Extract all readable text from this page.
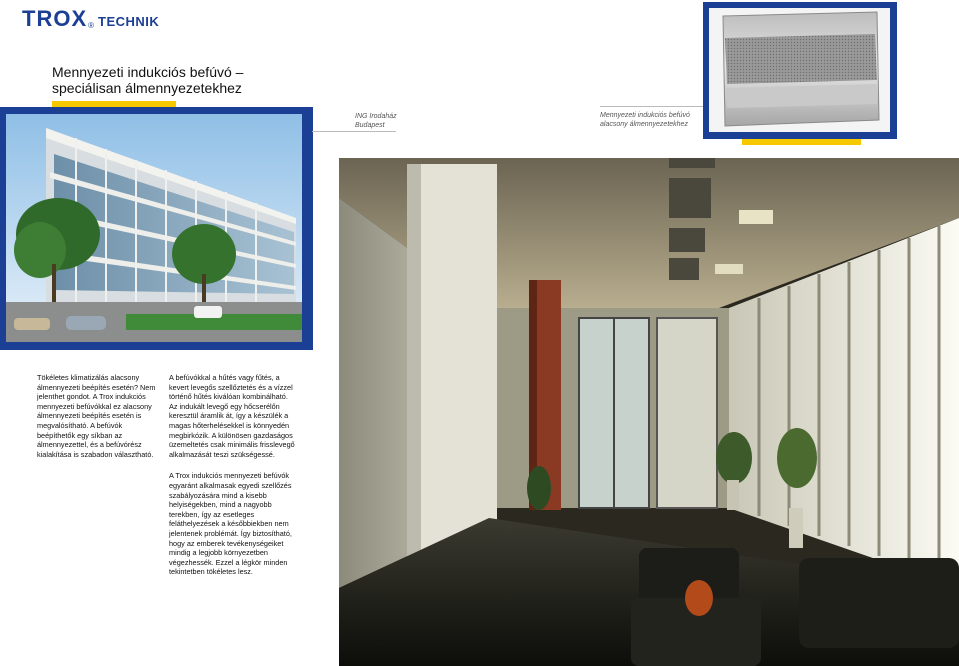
TROX ® TECHNIK
Mennyezeti indukciós befúvó –
speciálisan álmennyezetekhez
ING Irodaház
Budapest
Mennyezeti indukciós befúvó
alacsony álmennyezetekhez

Tökéletes klimatizálás alacsony álmennyezeti beépítés esetén? Nem jelenthet gondot. A Trox indukciós mennyezeti befúvókkal ez alacsony álmennyezeti beépítés esetén is megvalósítható. A befúvók beépíthetők egy síkban az álmennyezettel, és a befúvórész kialakítása is szabadon választható.

A befúvókkal a hűtés vagy fűtés, a kevert levegős szellőztetés és a vízzel történő hűtés kiválóan kombinálható. Az indukált levegő egy hőcserélőn keresztül áramlik át, így a készülék a magas hőterhelésekkel is könnyedén megbirkózik. A különösen gazdaságos üzemeltetés csak minimális frisslevegő alkalmazását teszi szükségessé.

A Trox indukciós mennyezeti befúvók egyaránt alkalmasak egyedi szellőzés szabályozására mind a kisebb helyiségekben, mind a nagyobb terekben, így az esetleges feláthelyezések a későbbiekben nem jelentenek problémát. Így biztosítható, hogy az emberek tevékenységeiket mindig a legjobb környezetben végezhessék. Ezzel a légkör minden tekintetben tökéletes lesz.
